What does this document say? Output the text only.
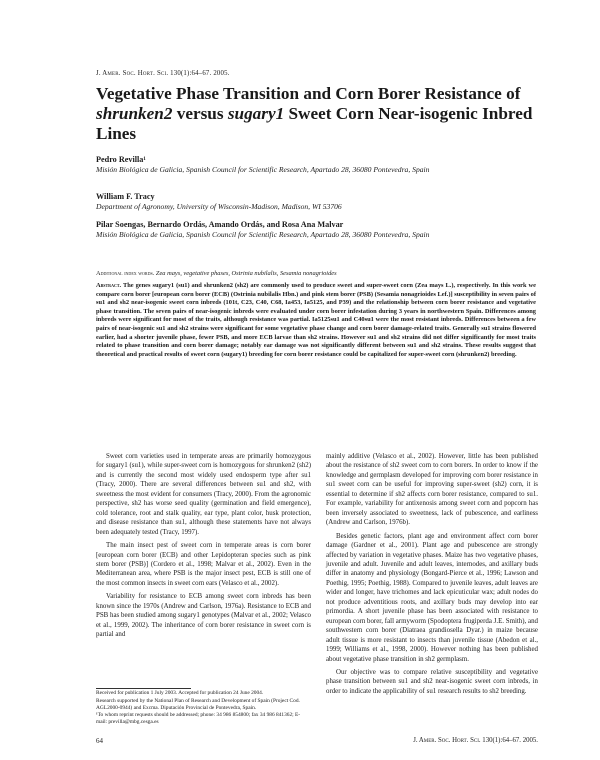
J. Amer. Soc. Hort. Sci. 130(1):64–67. 2005.
Vegetative Phase Transition and Corn Borer Resistance of shrunken2 versus sugary1 Sweet Corn Near-isogenic Inbred Lines
Pedro Revilla¹
Misión Biológica de Galicia, Spanish Council for Scientific Research, Apartado 28, 36080 Pontevedra, Spain
William F. Tracy
Department of Agronomy, University of Wisconsin-Madison, Madison, WI 53706
Pilar Soengas, Bernardo Ordás, Amando Ordás, and Rosa Ana Malvar
Misión Biológica de Galicia, Spanish Council for Scientific Research, Apartado 28, 36080 Pontevedra, Spain
Additional index words. Zea mays, vegetative phases, Ostrinia nubilalis, Sesamia nonagrioides
Abstract. The genes sugary1 (su1) and shrunken2 (sh2) are commonly used to produce sweet and super-sweet corn (Zea mays L.), respectively. In this work we compare corn borer [european corn borer (ECB) (Ostrinia nubilalis Hbn.) and pink stem borer (PSB) (Sesamia nonagrioides Lef.)] susceptibility in seven pairs of su1 and sh2 near-isogenic sweet corn inbreds (101t, C23, C40, C68, Ia453, Ia5125, and P39) and the relationship between corn borer resistance and vegetative phase transition. The seven pairs of near-isogenic inbreds were evaluated under corn borer infestation during 3 years in northwestern Spain. Differences among inbreds were significant for most of the traits, although resistance was partial. Ia5125su1 and C40su1 were the most resistant inbreds. Differences between a few pairs of near-isogenic su1 and sh2 strains were significant for some vegetative phase change and corn borer damage-related traits. Generally su1 strains flowered earlier, had a shorter juvenile phase, fewer PSB, and more ECB larvae than sh2 strains. However su1 and sh2 strains did not differ significantly for most traits related to phase transition and corn borer damage; notably ear damage was not significantly different between su1 and sh2 strains. These results suggest that theoretical and practical results of sweet corn (sugary1) breeding for corn borer resistance could be capitalized for super-sweet corn (shrunken2) breeding.

Sweet corn varieties used in temperate areas are primarily homozygous for sugary1 (su1), while super-sweet corn is homozygous for shrunken2 (sh2) and is currently the second most widely used endosperm type after su1 (Tracy, 2000). There are several differences between su1 and sh2, with sweetness the most evident for consumers (Tracy, 2000). From the agronomic perspective, sh2 has worse seed quality (germination and field emergence), cold tolerance, root and stalk quality, ear type, plant color, husk protection, and disease resistance than su1, although these statements have not always been adequately tested (Tracy, 1997).

The main insect pest of sweet corn in temperate areas is corn borer [european corn borer (ECB) and other Lepidopteran species such as pink stem borer (PSB)] (Cordero et al., 1998; Malvar et al., 2002). Even in the Mediterranean area, where PSB is the major insect pest, ECB is still one of the most common insects in sweet corn ears (Velasco et al., 2002).

Variability for resistance to ECB among sweet corn inbreds has been known since the 1970s (Andrew and Carlson, 1976a). Resistance to ECB and PSB has been studied among sugary1 genotypes (Malvar et al., 2002; Velasco et al., 1999, 2002). The inheritance of corn borer resistance in sweet corn is partial and

mainly additive (Velasco et al., 2002). However, little has been published about the resistance of sh2 sweet corn to corn borers. In order to know if the knowledge and germplasm developed for improving corn borer resistance in su1 sweet corn can be useful for improving super-sweet (sh2) corn, it is essential to determine if sh2 affects corn borer resistance, compared to su1. For example, variability for antixenosis among sweet corn and popcorn has been inversely associated to sweetness, lack of pubescence, and earliness (Andrew and Carlson, 1976b).

Besides genetic factors, plant age and environment affect corn borer damage (Gardner et al., 2001). Plant age and pubescence are strongly affected by variation in vegetative phases. Maize has two vegetative phases, juvenile and adult. Juvenile and adult leaves, internodes, and axillary buds differ in anatomy and physiology (Bongard-Pierce et al., 1996; Lawson and Poethig, 1995; Poethig, 1988). Compared to juvenile leaves, adult leaves are wider and longer, have trichomes and lack epicuticular wax; adult nodes do not produce adventitious roots, and axillary buds may develop into ear primordia. A short juvenile phase has been associated with resistance to european corn borer, fall armyworm (Spodoptera frugiperda J.E. Smith), and southwestern corn borer (Diatraea grandiosella Dyar.) in maize because adult tissue is more resistant to insects than juvenile tissue (Abedon et al., 1999; Williams et al., 1998, 2000). However nothing has been published about vegetative phase transition in sh2 germplasm.

Our objective was to compare relative susceptibility and vegetative phase transition between su1 and sh2 near-isogenic sweet corn inbreds, in order to indicate the applicability of su1 research results to sh2 breeding.

Received for publication 1 July 2003. Accepted for publication 24 June 2004.
Research supported by the National Plan of Research and Development of Spain (Project Cod. AGL2000-0944) and Excma. Diputación Provincial de Pontevedra, Spain.
¹To whom reprint requests should be addressed; phone: 34 986 854800; fax 34 986 841362; E-mail: previlla@mbg.cesga.es
64	J. Amer. Soc. Hort. Sci. 130(1):64–67. 2005.
